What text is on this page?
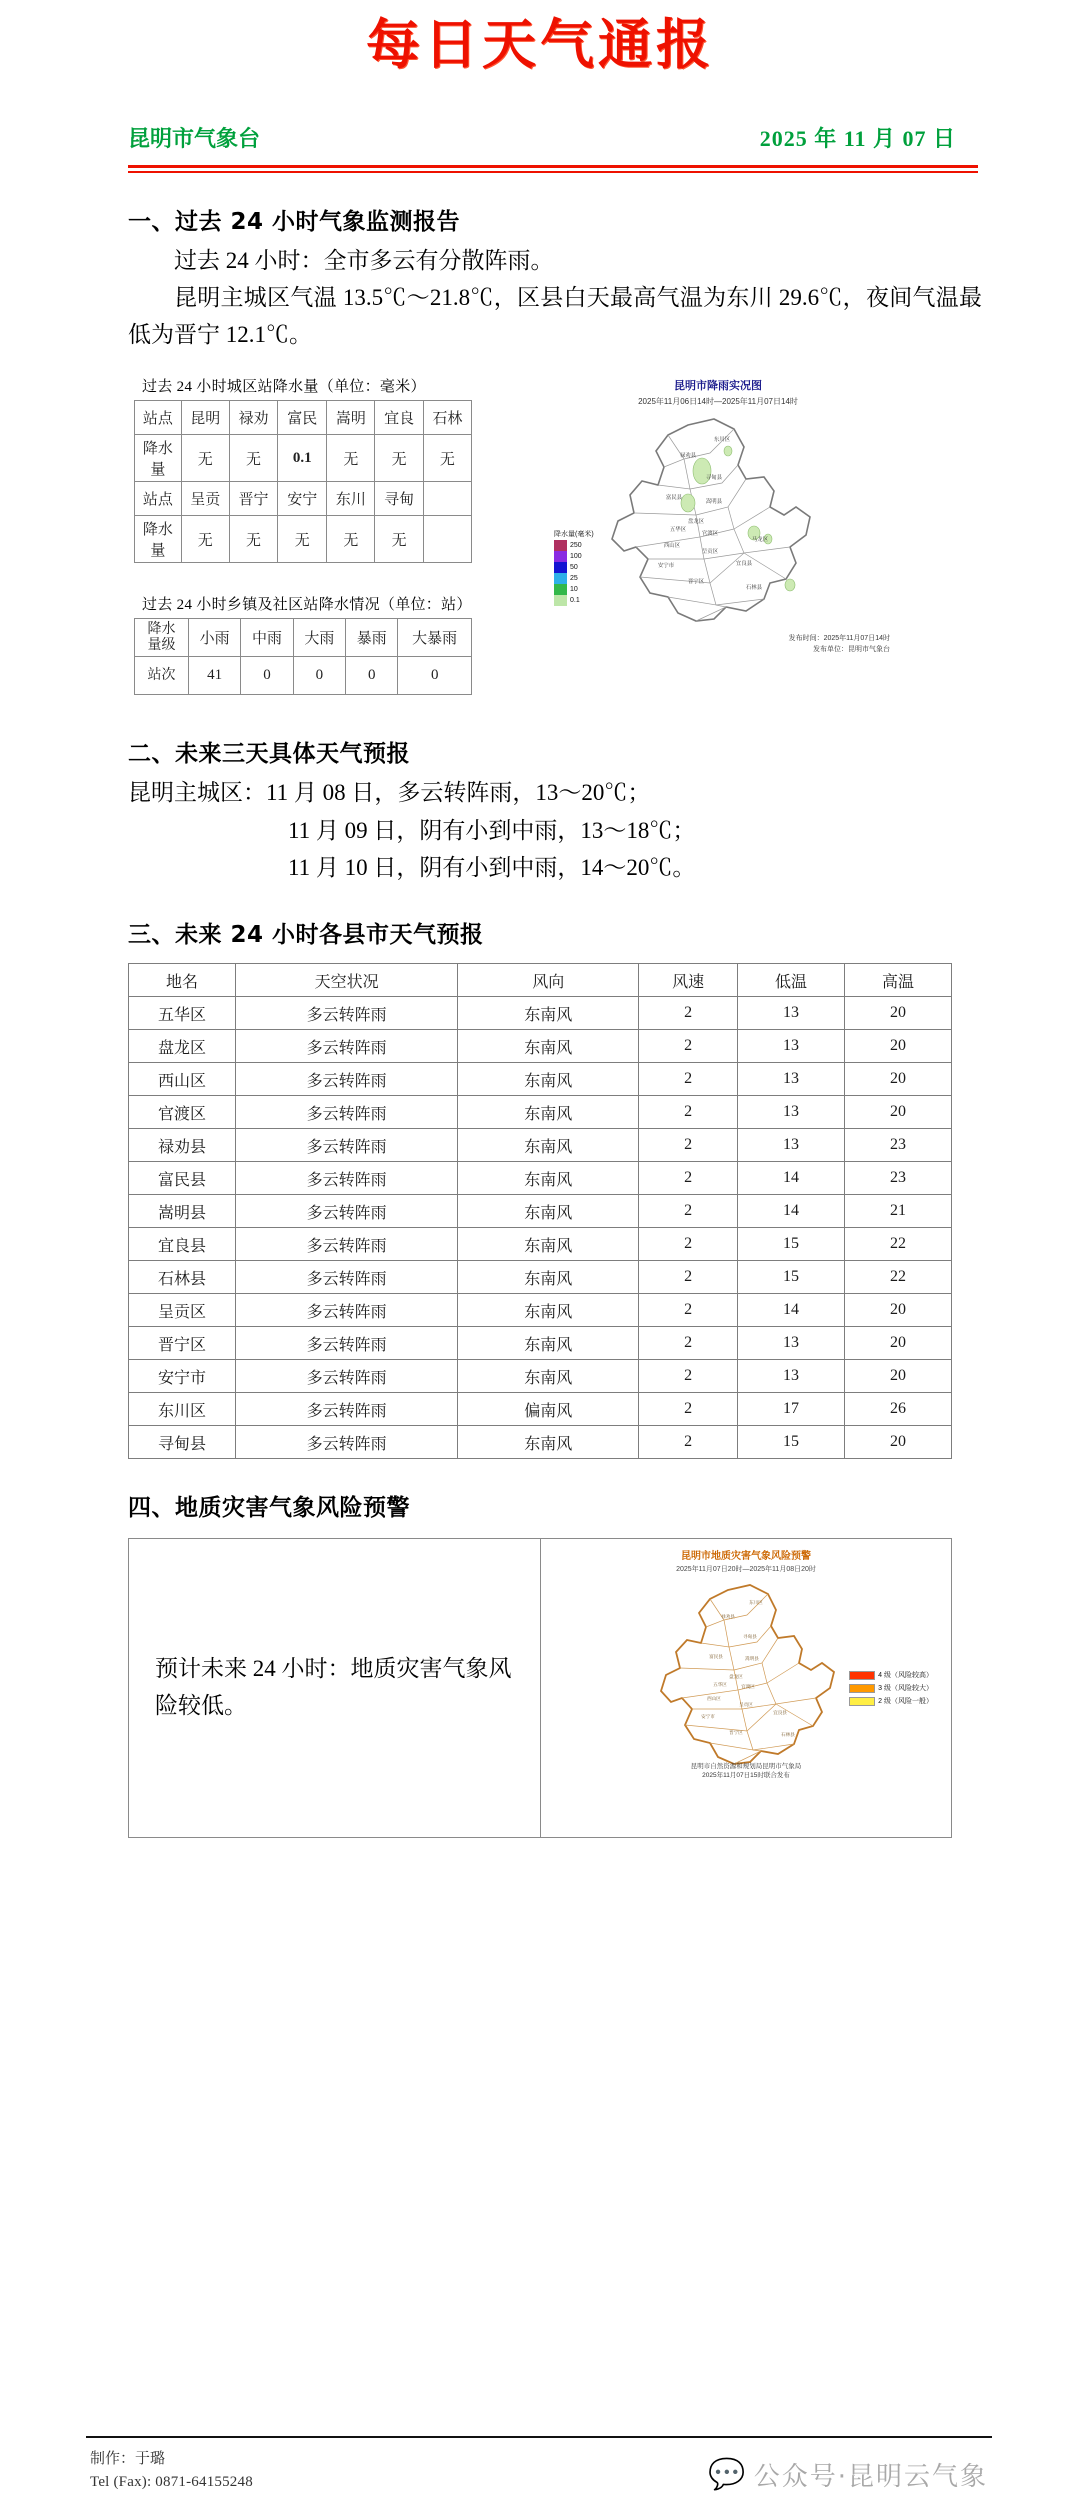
每日天气通报
昆明市气象台	2025 年 11 月 07 日
一、过去 24 小时气象监测报告

过去 24 小时：全市多云有分散阵雨。

昆明主城区气温 13.5℃～21.8℃，区县白天最高气温为东川 29.6℃，夜间气温最低为晋宁 12.1℃。

过去 24 小时城区站降水量（单位：毫米）
站点	昆明	禄劝	富民	嵩明	宜良	石林
降水量	无	无	0.1	无	无	无
站点	呈贡	晋宁	安宁	东川	寻甸	
降水量	无	无	无	无	无	
过去 24 小时乡镇及社区站降水情况（单位：站）
降水
量级	小雨	中雨	大雨	暴雨	大暴雨
站次	41	0	0	0	0
昆明市降雨实况图
2025年11月06日14时—2025年11月07日14时
禄劝县
东川区
寻甸县
富民县
嵩明县
盘龙区
五华区
官渡区
西山区
呈贡区
马龙区
宜良县
安宁市
晋宁区
石林县
降水量(毫米)
250
100
50
25
10
0.1
发布时间：2025年11月07日14时
发布单位：昆明市气象台
二、未来三天具体天气预报

昆明主城区：11 月 08 日，多云转阵雨，13～20℃；

11 月 09 日，阴有小到中雨，13～18℃；

11 月 10 日，阴有小到中雨，14～20℃。

三、未来 24 小时各县市天气预报
地名	天空状况	风向	风速	低温	高温
五华区	多云转阵雨	东南风	2	13	20
盘龙区	多云转阵雨	东南风	2	13	20
西山区	多云转阵雨	东南风	2	13	20
官渡区	多云转阵雨	东南风	2	13	20
禄劝县	多云转阵雨	东南风	2	13	23
富民县	多云转阵雨	东南风	2	14	23
嵩明县	多云转阵雨	东南风	2	14	21
宜良县	多云转阵雨	东南风	2	15	22
石林县	多云转阵雨	东南风	2	15	22
呈贡区	多云转阵雨	东南风	2	14	20
晋宁区	多云转阵雨	东南风	2	13	20
安宁市	多云转阵雨	东南风	2	13	20
东川区	多云转阵雨	偏南风	2	17	26
寻甸县	多云转阵雨	东南风	2	15	20
四、地质灾害气象风险预警
预计未来 24 小时：地质灾害气象风险较低。
昆明市地质灾害气象风险预警
2025年11月07日20时—2025年11月08日20时
禄劝县
东川区
寻甸县
富民县	嵩明县
盘龙区
五华区	官渡区
西山区
呈贡区
宜良县
安宁市
晋宁区	石林县
4 级（风险较高）
3 级（风险较大）
2 级（风险一般）
昆明市自然资源和规划局昆明市气象局
2025年11月07日15时联合发布
制作：于璐
Tel (Fax): 0871-64155248	💬 公众号·昆明云气象
